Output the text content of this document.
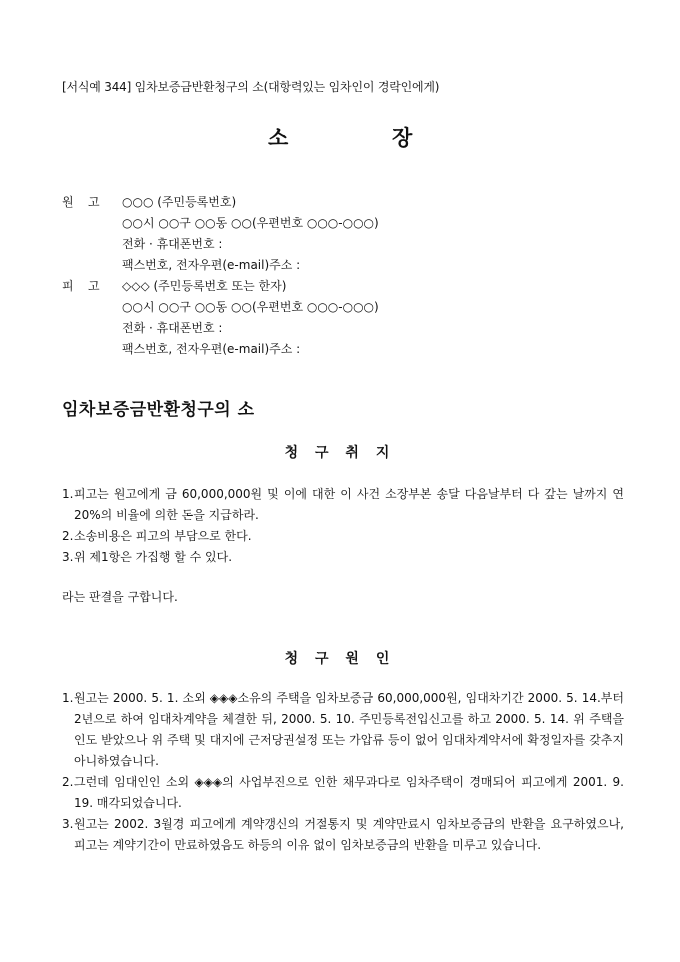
[서식예 344] 임차보증금반환청구의 소(대항력있는 임차인이 경락인에게)
소	장
원 고 ○○○ (주민등록번호)
○○시 ○○구 ○○동 ○○(우편번호 ○○○-○○○)
전화 · 휴대폰번호 :
팩스번호, 전자우편(e-mail)주소 :
피 고 ◇◇◇ (주민등록번호 또는 한자)
○○시 ○○구 ○○동 ○○(우편번호 ○○○-○○○)
전화 · 휴대폰번호 :
팩스번호, 전자우편(e-mail)주소 :
임차보증금반환청구의 소
청 구 취 지
1. 피고는 원고에게 금 60,000,000원 및 이에 대한 이 사건 소장부본 송달 다음날부터 다 갚는 날까지 연 20%의 비율에 의한 돈을 지급하라.
2. 소송비용은 피고의 부담으로 한다.
3. 위 제1항은 가집행 할 수 있다.
라는 판결을 구합니다.
청 구 원 인
1. 원고는 2000. 5. 1. 소외 ◈◈◈소유의 주택을 임차보증금 60,000,000원, 임대차기간 2000. 5. 14.부터 2년으로 하여 임대차계약을 체결한 뒤, 2000. 5. 10. 주민등록전입신고를 하고 2000. 5. 14. 위 주택을 인도 받았으나 위 주택 및 대지에 근저당권설정 또는 가압류 등이 없어 임대차계약서에 확정일자를 갖추지 아니하였습니다.
2. 그런데 임대인인 소외 ◈◈◈의 사업부진으로 인한 채무과다로 임차주택이 경매되어 피고에게 2001. 9. 19. 매각되었습니다.
3. 원고는 2002. 3월경 피고에게 계약갱신의 거절통지 및 계약만료시 임차보증금의 반환을 요구하였으나, 피고는 계약기간이 만료하였음도 하등의 이유 없이 임차보증금의 반환을 미루고 있습니다.
